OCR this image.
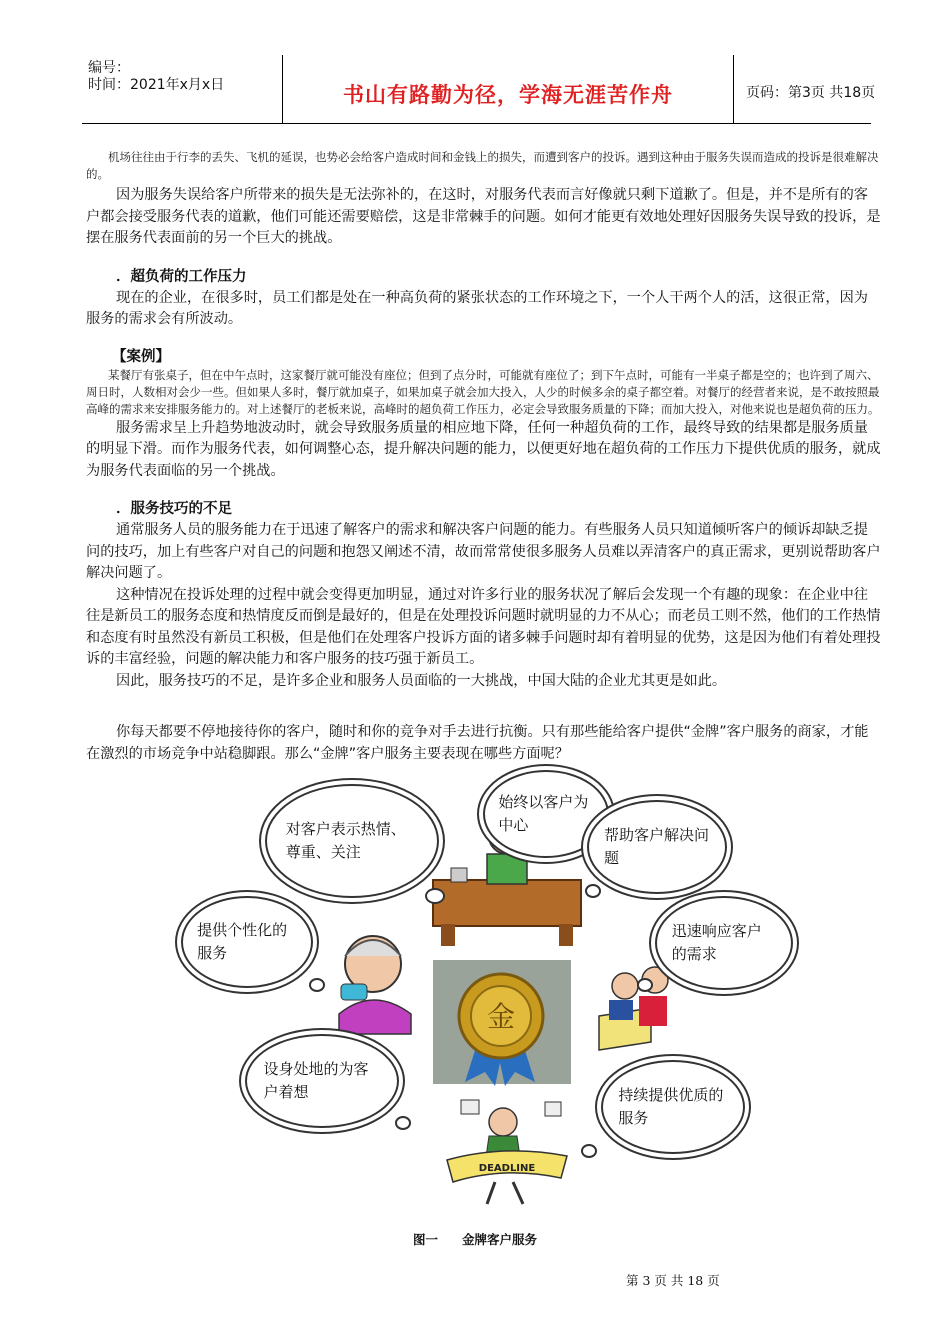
编号：
时间：2021年x月x日	书山有路勤为径，学海无涯苦作舟	页码：第3页 共18页

机场往往由于行李的丢失、飞机的延误，也势必会给客户造成时间和金钱上的损失，而遭到客户的投诉。遇到这种由于服务失误而造成的投诉是很难解决的。

因为服务失误给客户所带来的损失是无法弥补的，在这时，对服务代表而言好像就只剩下道歉了。但是，并不是所有的客户都会接受服务代表的道歉，他们可能还需要赔偿，这是非常棘手的问题。如何才能更有效地处理好因服务失误导致的投诉，是摆在服务代表面前的另一个巨大的挑战。

．超负荷的工作压力

现在的企业，在很多时，员工们都是处在一种高负荷的紧张状态的工作环境之下，一个人干两个人的活，这很正常，因为服务的需求会有所波动。

【案例】

某餐厅有张桌子，但在中午点时，这家餐厅就可能没有座位；但到了点分时，可能就有座位了；到下午点时，可能有一半桌子都是空的；也许到了周六、周日时，人数相对会少一些。但如果人多时，餐厅就加桌子，如果加桌子就会加大投入，人少的时候多余的桌子都空着。对餐厅的经营者来说，是不敢按照最高峰的需求来安排服务能力的。对上述餐厅的老板来说，高峰时的超负荷工作压力，必定会导致服务质量的下降；而加大投入，对他来说也是超负荷的压力。

服务需求呈上升趋势地波动时，就会导致服务质量的相应地下降，任何一种超负荷的工作，最终导致的结果都是服务质量的明显下滑。而作为服务代表，如何调整心态，提升解决问题的能力，以便更好地在超负荷的工作压力下提供优质的服务，就成为服务代表面临的另一个挑战。

．服务技巧的不足

通常服务人员的服务能力在于迅速了解客户的需求和解决客户问题的能力。有些服务人员只知道倾听客户的倾诉却缺乏提问的技巧，加上有些客户对自己的问题和抱怨又阐述不清，故而常常使很多服务人员难以弄清客户的真正需求，更别说帮助客户解决问题了。

这种情况在投诉处理的过程中就会变得更加明显，通过对许多行业的服务状况了解后会发现一个有趣的现象：在企业中往往是新员工的服务态度和热情度反而倒是最好的，但是在处理投诉问题时就明显的力不从心；而老员工则不然，他们的工作热情和态度有时虽然没有新员工积极，但是他们在处理客户投诉方面的诸多棘手问题时却有着明显的优势，这是因为他们有着处理投诉的丰富经验，问题的解决能力和客户服务的技巧强于新员工。

因此，服务技巧的不足，是许多企业和服务人员面临的一大挑战，中国大陆的企业尤其更是如此。

你每天都要不停地接待你的客户，随时和你的竞争对手去进行抗衡。只有那些能给客户提供“金牌”客户服务的商家，才能在激烈的市场竞争中站稳脚跟。那么“金牌”客户服务主要表现在哪些方面呢？

金
DEADLINE
对客户表示热情、尊重、关注
始终以客户为中心
帮助客户解决问题
提供个性化的服务
迅速响应客户的需求
设身处地的为客户着想	持续提供优质的服务
图一 金牌客户服务
第 3 页 共 18 页
